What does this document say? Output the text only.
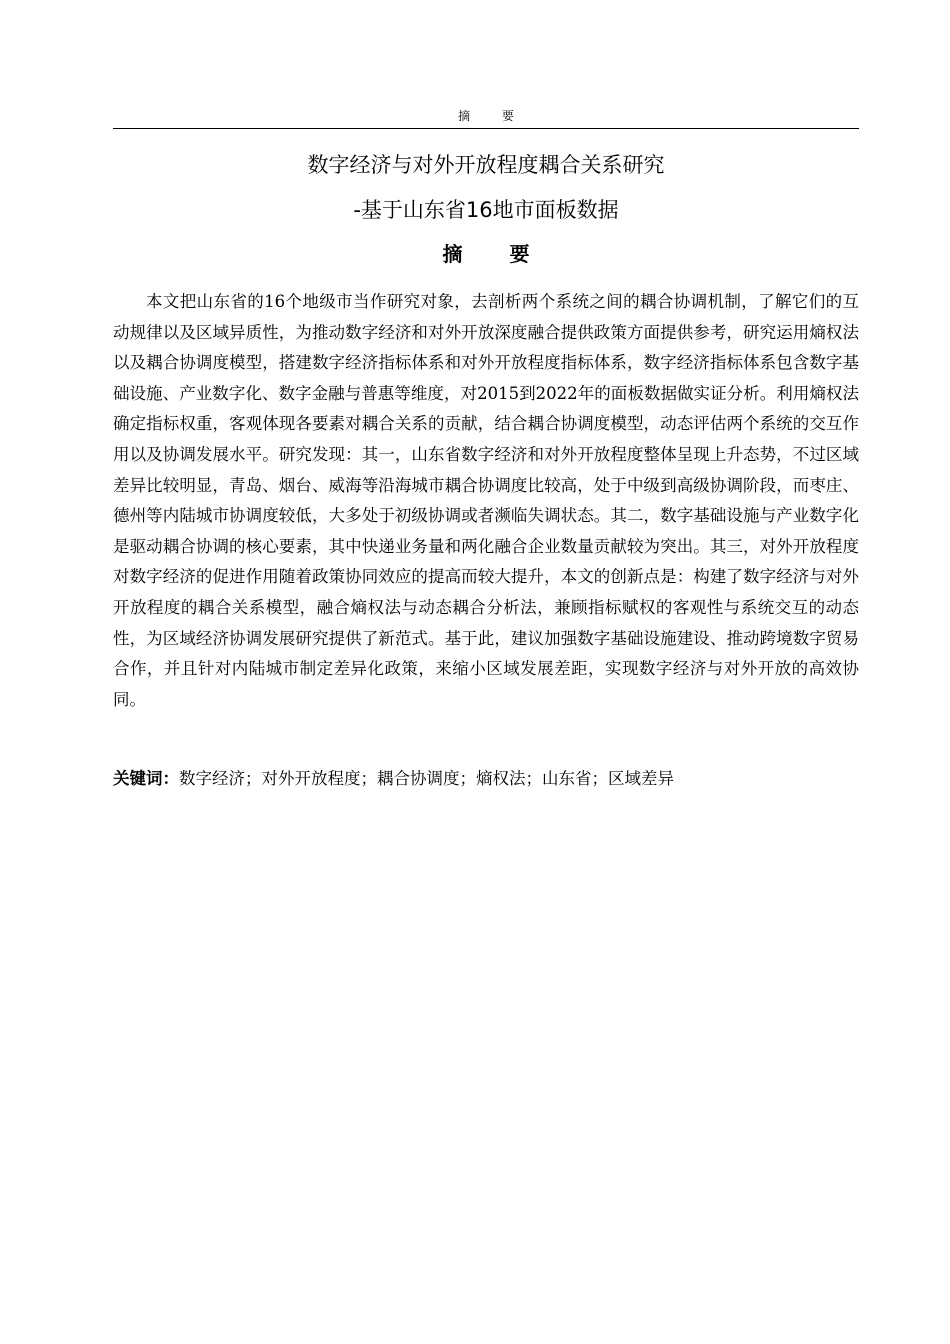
摘 要
数字经济与对外开放程度耦合关系研究
-基于山东省16地市面板数据
摘 要

本文把山东省的16个地级市当作研究对象，去剖析两个系统之间的耦合协调机制，了解它们的互动规律以及区域异质性，为推动数字经济和对外开放深度融合提供政策方面提供参考，研究运用熵权法以及耦合协调度模型，搭建数字经济指标体系和对外开放程度指标体系，数字经济指标体系包含数字基础设施、产业数字化、数字金融与普惠等维度，对2015到2022年的面板数据做实证分析。利用熵权法确定指标权重，客观体现各要素对耦合关系的贡献，结合耦合协调度模型，动态评估两个系统的交互作用以及协调发展水平。研究发现：其一，山东省数字经济和对外开放程度整体呈现上升态势，不过区域差异比较明显，青岛、烟台、威海等沿海城市耦合协调度比较高，处于中级到高级协调阶段，而枣庄、德州等内陆城市协调度较低，大多处于初级协调或者濒临失调状态。其二，数字基础设施与产业数字化是驱动耦合协调的核心要素，其中快递业务量和两化融合企业数量贡献较为突出。其三，对外开放程度对数字经济的促进作用随着政策协同效应的提高而较大提升，本文的创新点是：构建了数字经济与对外开放程度的耦合关系模型，融合熵权法与动态耦合分析法，兼顾指标赋权的客观性与系统交互的动态性，为区域经济协调发展研究提供了新范式。基于此，建议加强数字基础设施建设、推动跨境数字贸易合作，并且针对内陆城市制定差异化政策，来缩小区域发展差距，实现数字经济与对外开放的高效协同。

关键词：数字经济；对外开放程度；耦合协调度；熵权法；山东省；区域差异
